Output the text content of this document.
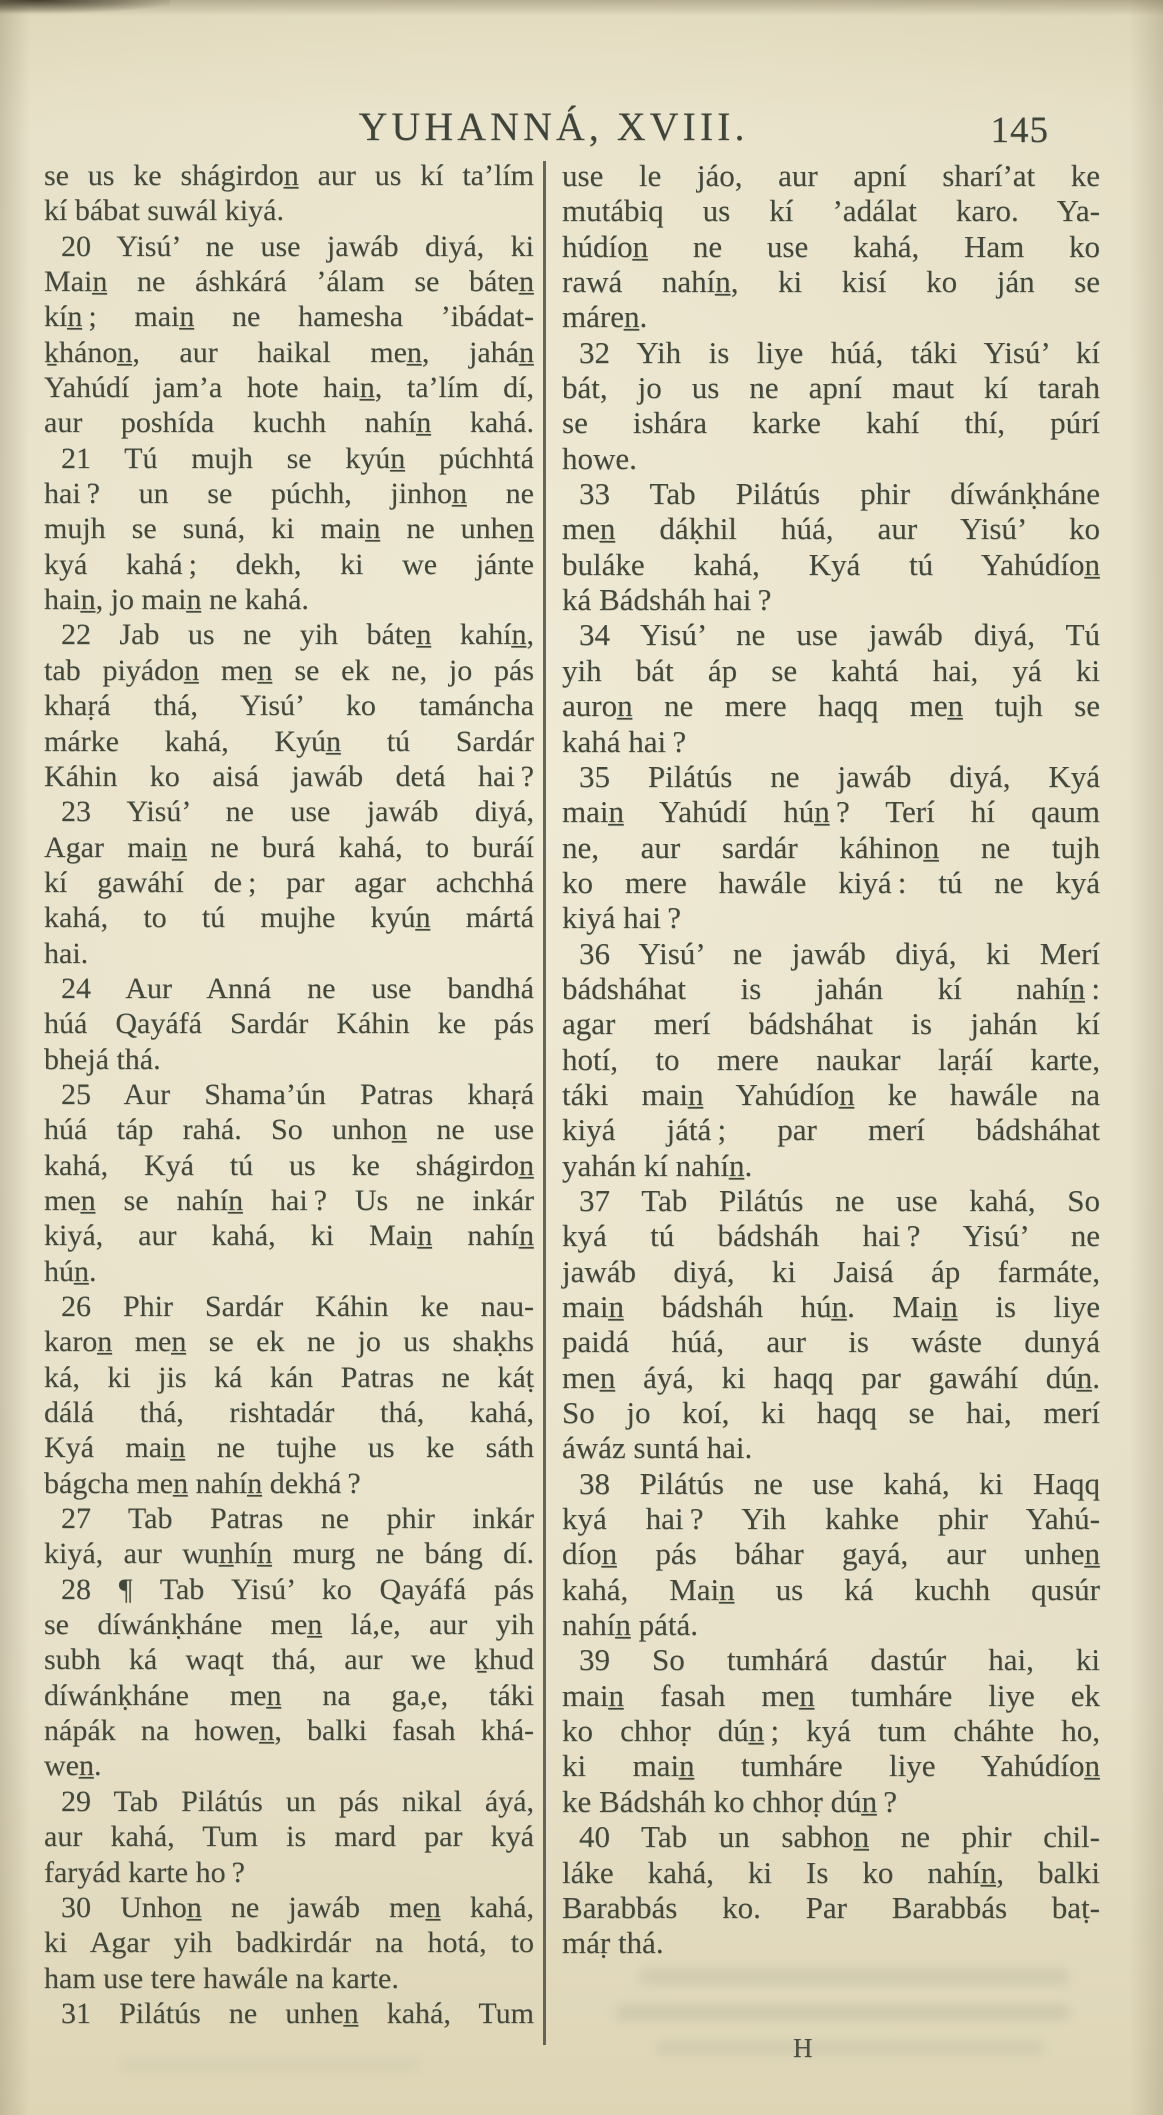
YUHANNÁ, XVIII.	145
se us ke shágirdon̲ aur us kí ta’lím
kí bábat suwál kiyá.
20 Yisú’ ne use jawáb diyá, ki
Main̲ ne áshkárá ’álam se báten̲
kín̲ ; main̲ ne hamesha ’ibádat-
ḵhánon̲, aur haikal men̲, jahán̲
Yahúdí jam’a hote hain̲, ta’lím dí,
aur poshída kuchh nahín̲ kahá.
21 Tú mujh se kyún̲ púchhtá
hai ? un se púchh, jinhon̲ ne
mujh se suná, ki main̲ ne unhen̲
kyá kahá ; dekh, ki we jánte
hain̲, jo main̲ ne kahá.
22 Jab us ne yih báten̲ kahín̲,
tab piyádon̲ men̲ se ek ne, jo pás
khaṛá thá, Yisú’ ko tamáncha
márke kahá, Kyún̲ tú Sardár
Káhin ko aisá jawáb detá hai ?
23 Yisú’ ne use jawáb diyá,
Agar main̲ ne burá kahá, to buráí
kí gawáhí de ; par agar achchhá
kahá, to tú mujhe kyún̲ mártá
hai.
24 Aur Anná ne use bandhá
húá Qayáfá Sardár Káhin ke pás
bhejá thá.
25 Aur Shama’ún Patras khaṛá
húá táp rahá. So unhon̲ ne use
kahá, Kyá tú us ke shágirdon̲
men̲ se nahín̲ hai ? Us ne inkár
kiyá, aur kahá, ki Main̲ nahín̲
hún̲.
26 Phir Sardár Káhin ke nau-
karon̲ men̲ se ek ne jo us shaḳhs
ká, ki jis ká kán Patras ne káṭ
dálá thá, rishtadár thá, kahá,
Kyá main̲ ne tujhe us ke sáth
bágcha men̲ nahín̲ dekhá ?
27 Tab Patras ne phir inkár
kiyá, aur wun̲hín̲ murg ne báng dí.
28 ¶ Tab Yisú’ ko Qayáfá pás
se díwánḳháne men̲ lá,e, aur yih
subh ká waqt thá, aur we ḵhud
díwánḳháne men̲ na ga,e, táki
nápák na howen̲, balki fasah khá-
wen̲.
29 Tab Pilátús un pás nikal áyá,
aur kahá, Tum is mard par kyá
faryád karte ho ?
30 Unhon̲ ne jawáb men̲ kahá,
ki Agar yih badkirdár na hotá, to
ham use tere hawále na karte.
31 Pilátús ne unhen̲ kahá, Tum
use le jáo, aur apní sharí’at ke
mutábiq us kí ’adálat karo. Ya-
húdíon̲ ne use kahá, Ham ko
rawá nahín̲, ki kisí ko ján se
máren̲.
32 Yih is liye húá, táki Yisú’ kí
bát, jo us ne apní maut kí tarah
se ishára karke kahí thí, púrí
howe.
33 Tab Pilátús phir díwánḳháne
men̲ dáḳhil húá, aur Yisú’ ko
buláke kahá, Kyá tú Yahúdíon̲
ká Bádsháh hai ?
34 Yisú’ ne use jawáb diyá, Tú
yih bát áp se kahtá hai, yá ki
auron̲ ne mere haqq men̲ tujh se
kahá hai ?
35 Pilátús ne jawáb diyá, Kyá
main̲ Yahúdí hún̲ ? Terí hí qaum
ne, aur sardár káhinon̲ ne tujh
ko mere hawále kiyá : tú ne kyá
kiyá hai ?
36 Yisú’ ne jawáb diyá, ki Merí
bádsháhat is jahán kí nahín̲ :
agar merí bádsháhat is jahán kí
hotí, to mere naukar laṛáí karte,
táki main̲ Yahúdíon̲ ke hawále na
kiyá játá ; par merí bádsháhat
yahán kí nahín̲.
37 Tab Pilátús ne use kahá, So
kyá tú bádsháh hai ? Yisú’ ne
jawáb diyá, ki Jaisá áp farmáte,
main̲ bádsháh hún̲. Main̲ is liye
paidá húá, aur is wáste dunyá
men̲ áyá, ki haqq par gawáhí dún̲.
So jo koí, ki haqq se hai, merí
áwáz suntá hai.
38 Pilátús ne use kahá, ki Haqq
kyá hai ? Yih kahke phir Yahú-
díon̲ pás báhar gayá, aur unhen̲
kahá, Main̲ us ká kuchh qusúr
nahín̲ pátá.
39 So tumhárá dastúr hai, ki
main̲ fasah men̲ tumháre liye ek
ko chhoṛ dún̲ ; kyá tum cháhte ho,
ki main̲ tumháre liye Yahúdíon̲
ke Bádsháh ko chhoṛ dún̲ ?
40 Tab un sabhon̲ ne phir chil-
láke kahá, ki Is ko nahín̲, balki
Barabbás ko. Par Barabbás baṭ-
máṛ thá.
H
